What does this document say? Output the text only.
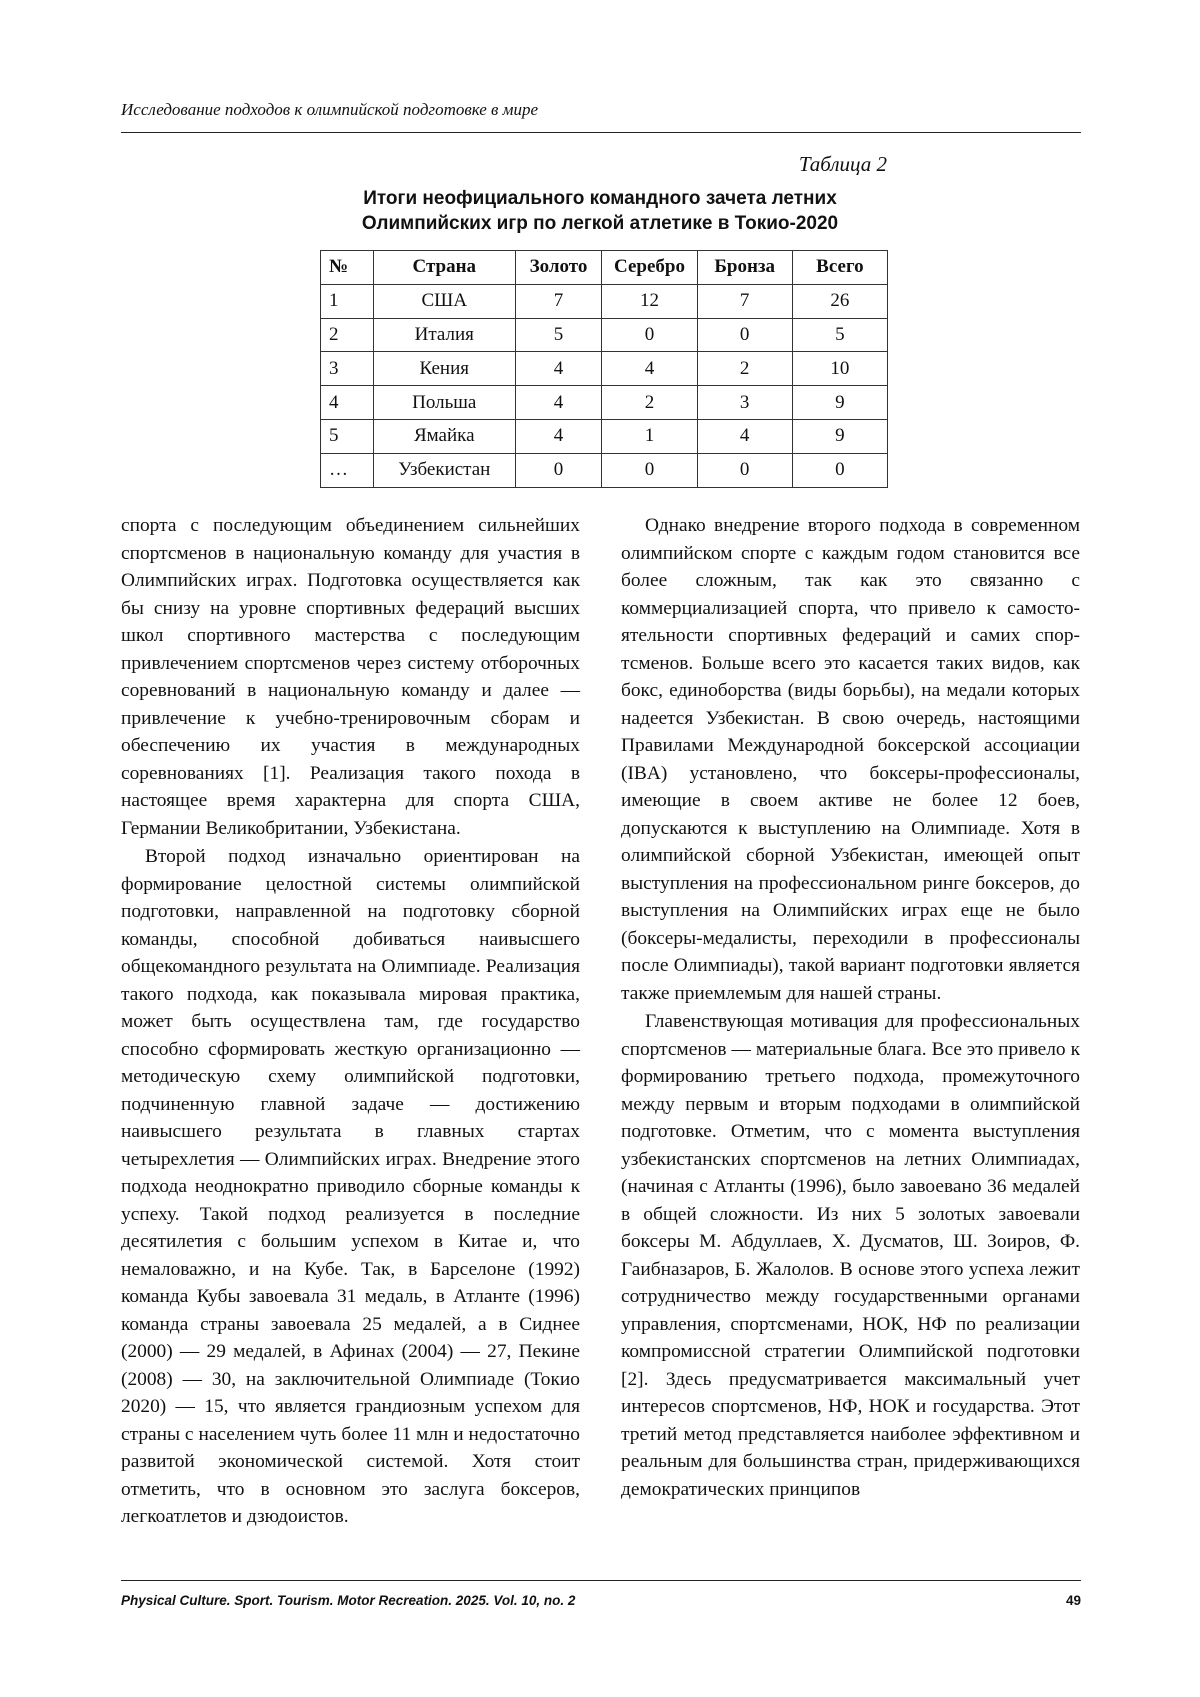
Исследование подходов к олимпийской подготовке в мире
Таблица 2
Итоги неофициального командного зачета летних
Олимпийских игр по легкой атлетике в Токио-2020
№	Страна	Золото	Серебро	Бронза	Всего
1	США	7	12	7	26
2	Италия	5	0	0	5
3	Кения	4	4	2	10
4	Польша	4	2	3	9
5	Ямайка	4	1	4	9
…	Узбекистан	0	0	0	0

спорта с последующим объединением сильнейших спортсменов в национальную команду для участия в Олимпийских играх. Подготовка осуществляется как бы снизу на уровне спортивных федераций высших школ спортивного мастерства с последующим привлечением спортсменов через систему отборочных соревнований в национальную команду и далее — привлечение к учебно-тренировочным сборам и обеспечению их участия в международных соревнованиях [1]. Реализация такого похода в настоящее время характерна для спорта США, Германии Великобритании, Узбекистана.

Второй подход изначально ориентирован на формирование целостной системы олимпийской подготовки, направленной на подготовку сборной команды, способной добиваться наивысшего общекомандного результата на Олимпиаде. Реализация такого подхода, как показывала мировая практика, может быть осуществлена там, где государство способно сформировать жесткую организационно — методическую схему олимпийской подготовки, подчиненную главной задаче — достижению наивысшего результата в главных стартах четырехлетия — Олимпийских играх. Внедрение этого подхода неоднократно приводило сборные команды к успеху. Такой подход реализуется в последние десятилетия с большим успехом в Китае и, что немаловажно, и на Кубе. Так, в Барселоне (1992) команда Кубы завоевала 31 медаль, в Атланте (1996) команда страны завоевала 25 медалей, а в Сиднее (2000) — 29 медалей, в Афинах (2004) — 27, Пекине (2008) — 30, на заключительной Олимпиаде (Токио 2020) — 15, что является грандиозным успехом для страны с населением чуть более 11 млн и недостаточно развитой экономической системой. Хотя стоит отметить, что в основном это заслуга боксеров, легкоатлетов и дзюдоистов.

Однако внедрение второго подхода в современном олимпийском спорте с каждым годом становится все более сложным, так как это связанно с коммерциализацией спорта, что привело к самостоятельности спортивных федераций и самих спортсменов. Больше всего это касается таких видов, как бокс, единоборства (виды борьбы), на медали которых надеется Узбекистан. В свою очередь, настоящими Правилами Международной боксерской ассоциации (IBA) установлено, что боксеры-профессионалы, имеющие в своем активе не более 12 боев, допускаются к выступлению на Олимпиаде. Хотя в олимпийской сборной Узбекистан, имеющей опыт выступления на профессиональном ринге боксеров, до выступления на Олимпийских играх еще не было (боксеры-медалисты, переходили в профессионалы после Олимпиады), такой вариант подготовки является также приемлемым для нашей страны.

Главенствующая мотивация для профессиональных спортсменов — материальные блага. Все это привело к формированию третьего подхода, промежуточного между первым и вторым подходами в олимпийской подготовке. Отметим, что с момента выступления узбекистанских спортсменов на летних Олимпиадах, (начиная с Атланты (1996), было завоевано 36 медалей в общей сложности. Из них 5 золотых завоевали боксеры М. Абдуллаев, Х. Дусматов, Ш. Зоиров, Ф. Гаибназаров, Б. Жалолов. В основе этого успеха лежит сотрудничество между государственными органами управления, спортсменами, НОК, НФ по реализации компромиссной стратегии Олимпийской подготовки [2]. Здесь предусматривается максимальный учет интересов спортсменов, НФ, НОК и государства. Этот третий метод представляется наиболее эффективном и реальным для большинства стран, придерживающихся демократических принципов

Physical Culture. Sport. Tourism. Motor Recreation. 2025. Vol. 10, no. 2	49
